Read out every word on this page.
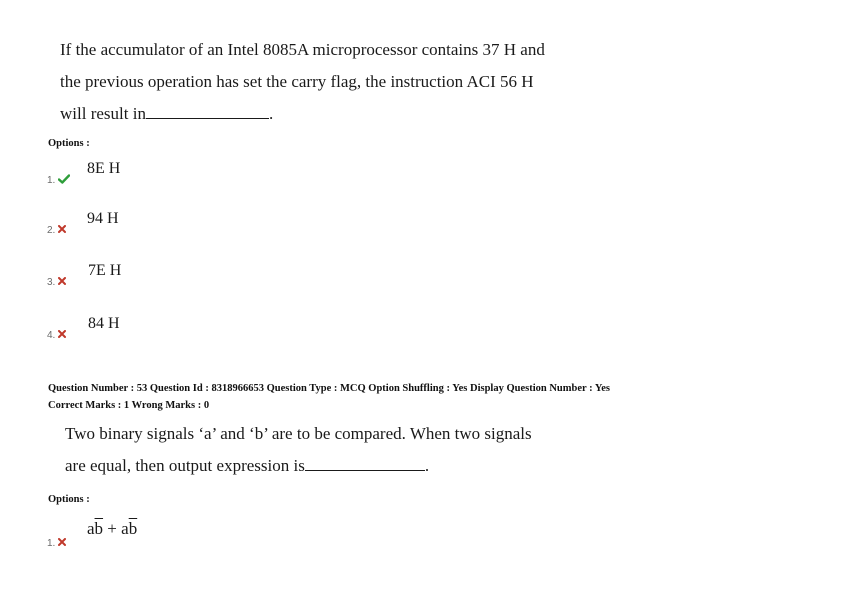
If the accumulator of an Intel 8085A microprocessor contains 37 H and
the previous operation has set the carry flag, the instruction ACI 56 H
will result in	.
Options :
8E H
1.
94 H
2.
7E H
3.
84 H
4.
Question Number : 53 Question Id : 8318966653 Question Type : MCQ Option Shuffling : Yes Display Question Number : Yes
Correct Marks : 1 Wrong Marks : 0
Two binary signals ‘a’ and ‘b’ are to be compared. When two signals
are equal, then output expression is	.
Options :
$a\overline{b} + a\overline{b}$
1.
